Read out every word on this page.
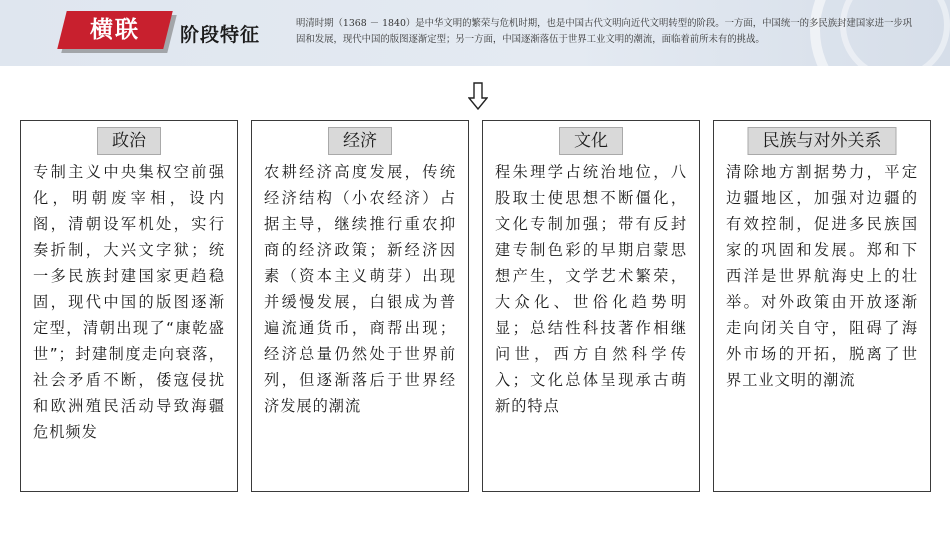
横联	阶段特征
明清时期（1368 － 1840）是中华文明的繁荣与危机时期，也是中国古代文明向近代文明转型的阶段。一方面，中国统一的多民族封建国家进一步巩固和发展，现代中国的版图逐渐定型；另一方面，中国逐渐落伍于世界工业文明的潮流，面临着前所未有的挑战。
政治
专制主义中央集权空前强化，明朝废宰相，设内阁，清朝设军机处，实行奏折制，大兴文字狱；统一多民族封建国家更趋稳固，现代中国的版图逐渐定型，清朝出现了“康乾盛世”；封建制度走向衰落，社会矛盾不断，倭寇侵扰和欧洲殖民活动导致海疆危机频发
经济
农耕经济高度发展，传统经济结构（小农经济）占据主导，继续推行重农抑商的经济政策；新经济因素（资本主义萌芽）出现并缓慢发展，白银成为普遍流通货币，商帮出现；经济总量仍然处于世界前列，但逐渐落后于世界经济发展的潮流
文化
程朱理学占统治地位，八股取士使思想不断僵化，文化专制加强；带有反封建专制色彩的早期启蒙思想产生，文学艺术繁荣，大众化、世俗化趋势明显；总结性科技著作相继问世，西方自然科学传入；文化总体呈现承古萌新的特点
民族与对外关系
清除地方割据势力，平定边疆地区，加强对边疆的有效控制，促进多民族国家的巩固和发展。郑和下西洋是世界航海史上的壮举。对外政策由开放逐渐走向闭关自守，阻碍了海外市场的开拓，脱离了世界工业文明的潮流
